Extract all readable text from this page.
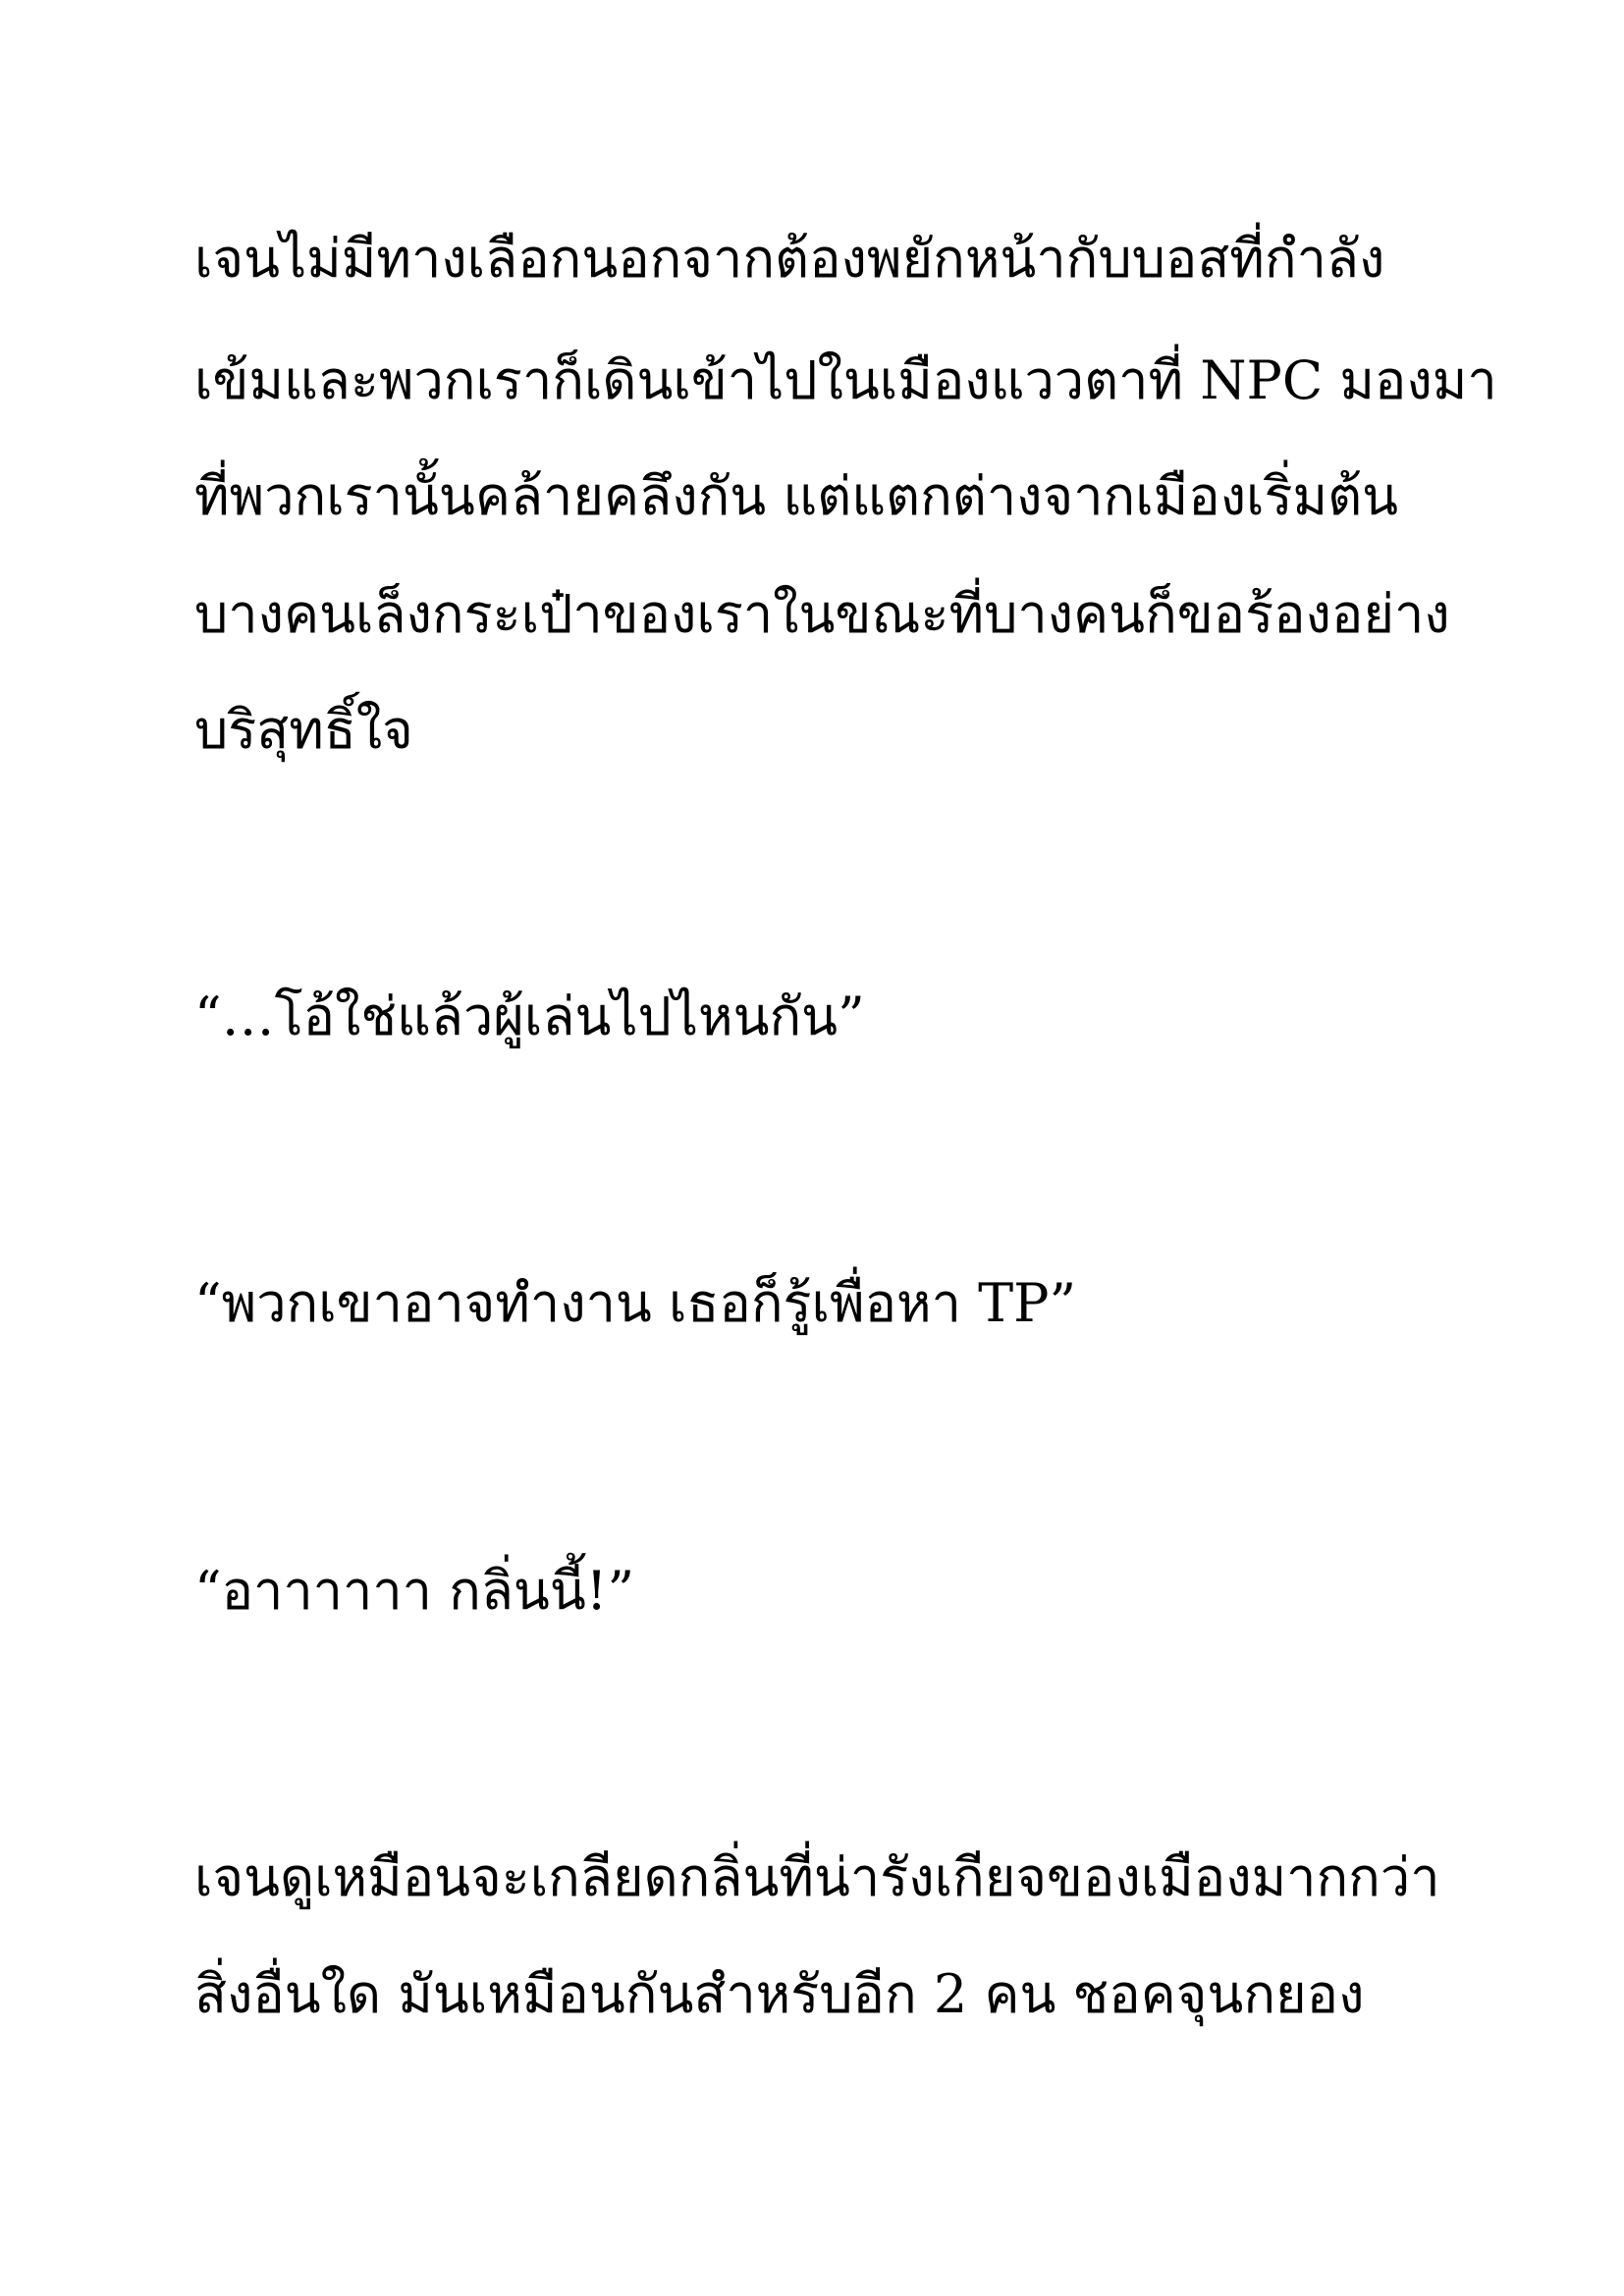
เจนไม่มีทางเลือกนอกจากต้องพยักหน้ากับบอสที่กำลัง

เข้มและพวกเราก็เดินเข้าไปในเมืองแววตาที่ NPC มองมา

ที่พวกเรานั้นคล้ายคลึงกัน แต่แตกต่างจากเมืองเริ่มต้น

บางคนเล็งกระเป๋าของเราในขณะที่บางคนก็ขอร้องอย่าง

บริสุทธิ์ใจ

“…โอ้ใช่แล้วผู้เล่นไปไหนกัน”

“พวกเขาอาจทำงาน เธอก็รู้เพื่อหา TP”

“อาาาาาา กลิ่นนี้!”

เจนดูเหมือนจะเกลียดกลิ่นที่น่ารังเกียจของเมืองมากกว่า

สิ่งอื่นใด มันเหมือนกันสำหรับอีก 2 คน ชอคจุนกยอง
